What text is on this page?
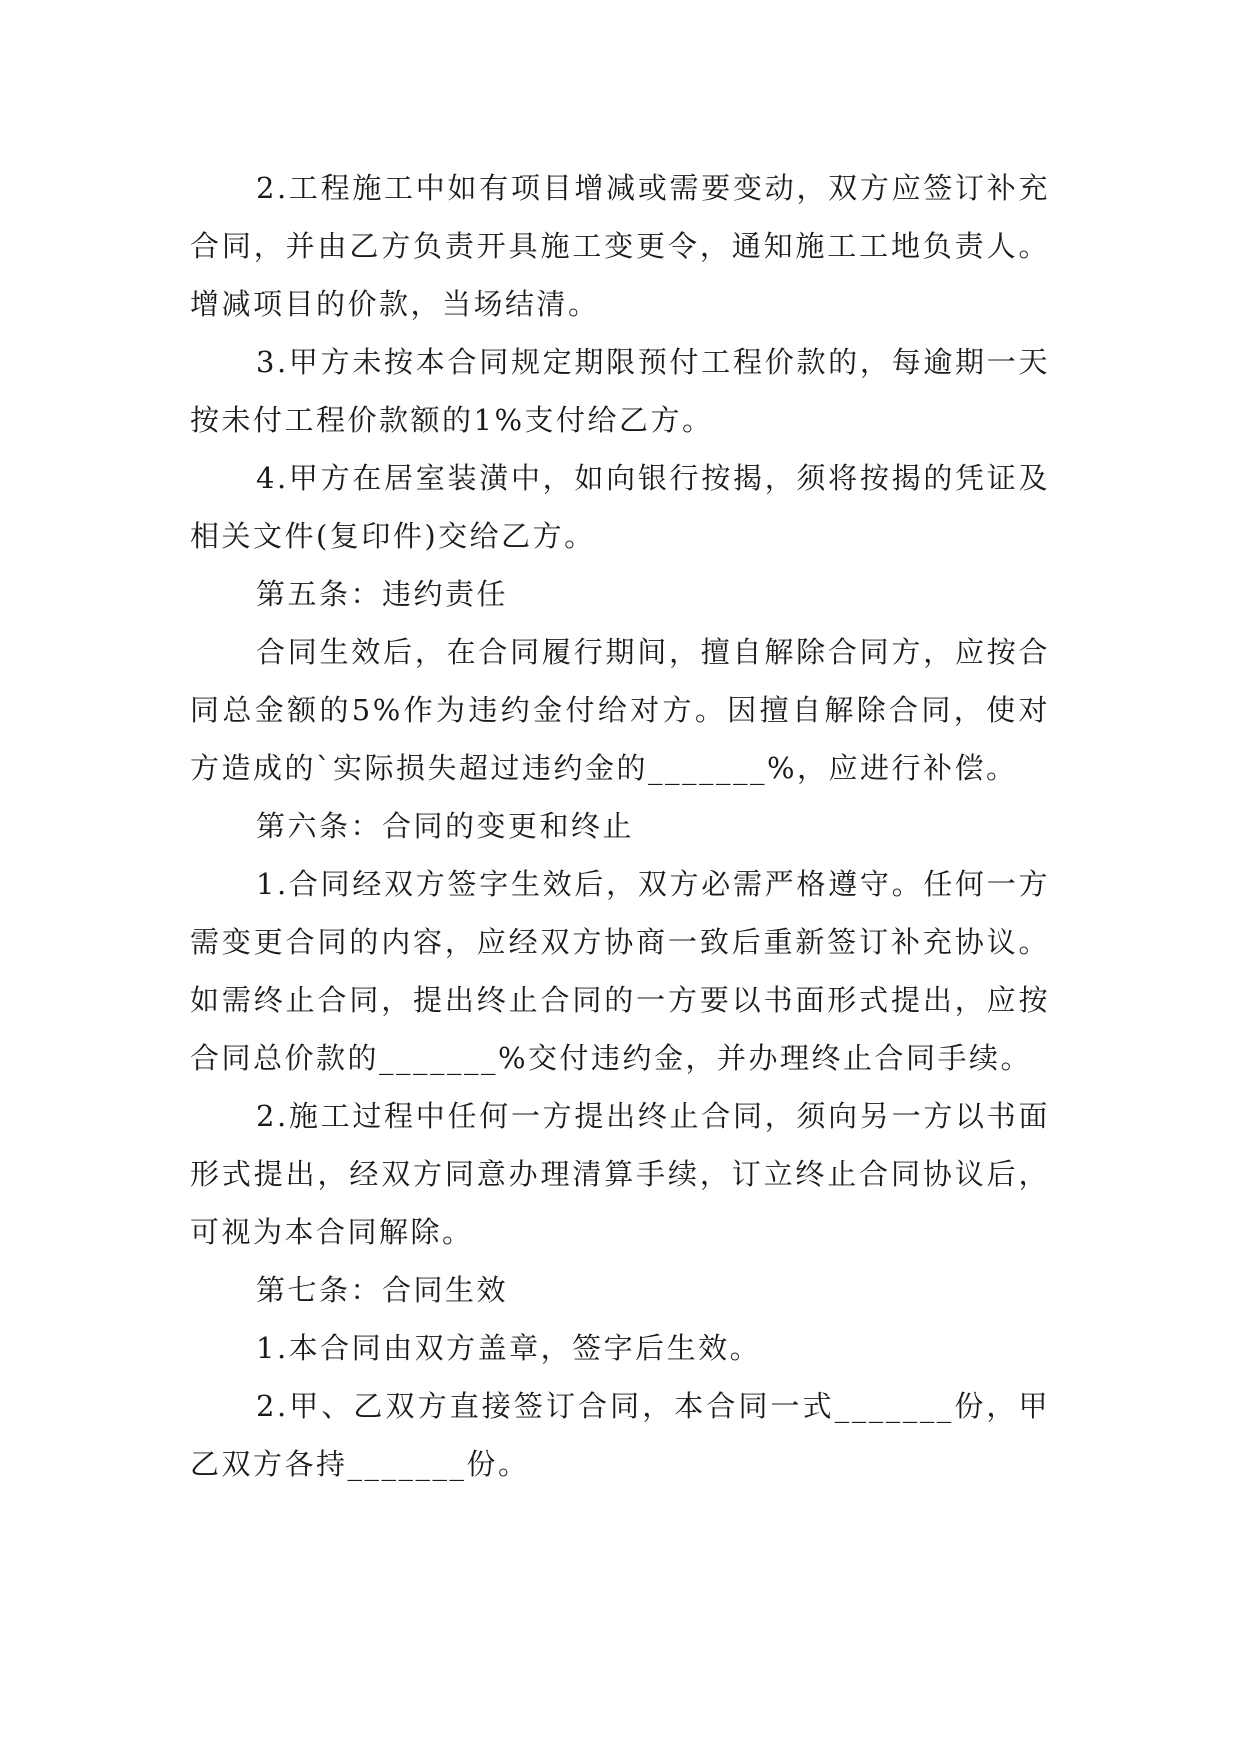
2.工程施工中如有项目增减或需要变动，双方应签订补充合同，并由乙方负责开具施工变更令，通知施工工地负责人。增减项目的价款，当场结清。

3.甲方未按本合同规定期限预付工程价款的，每逾期一天按未付工程价款额的1%支付给乙方。

4.甲方在居室装潢中，如向银行按揭，须将按揭的凭证及相关文件(复印件)交给乙方。

第五条：违约责任

合同生效后，在合同履行期间，擅自解除合同方，应按合同总金额的5%作为违约金付给对方。因擅自解除合同，使对方造成的`实际损失超过违约金的_______%，应进行补偿。

第六条：合同的变更和终止

1.合同经双方签字生效后，双方必需严格遵守。任何一方需变更合同的内容，应经双方协商一致后重新签订补充协议。如需终止合同，提出终止合同的一方要以书面形式提出，应按合同总价款的_______%交付违约金，并办理终止合同手续。

2.施工过程中任何一方提出终止合同，须向另一方以书面形式提出，经双方同意办理清算手续，订立终止合同协议后，可视为本合同解除。

第七条：合同生效

1.本合同由双方盖章，签字后生效。

2.甲、乙双方直接签订合同，本合同一式_______份，甲乙双方各持_______份。
